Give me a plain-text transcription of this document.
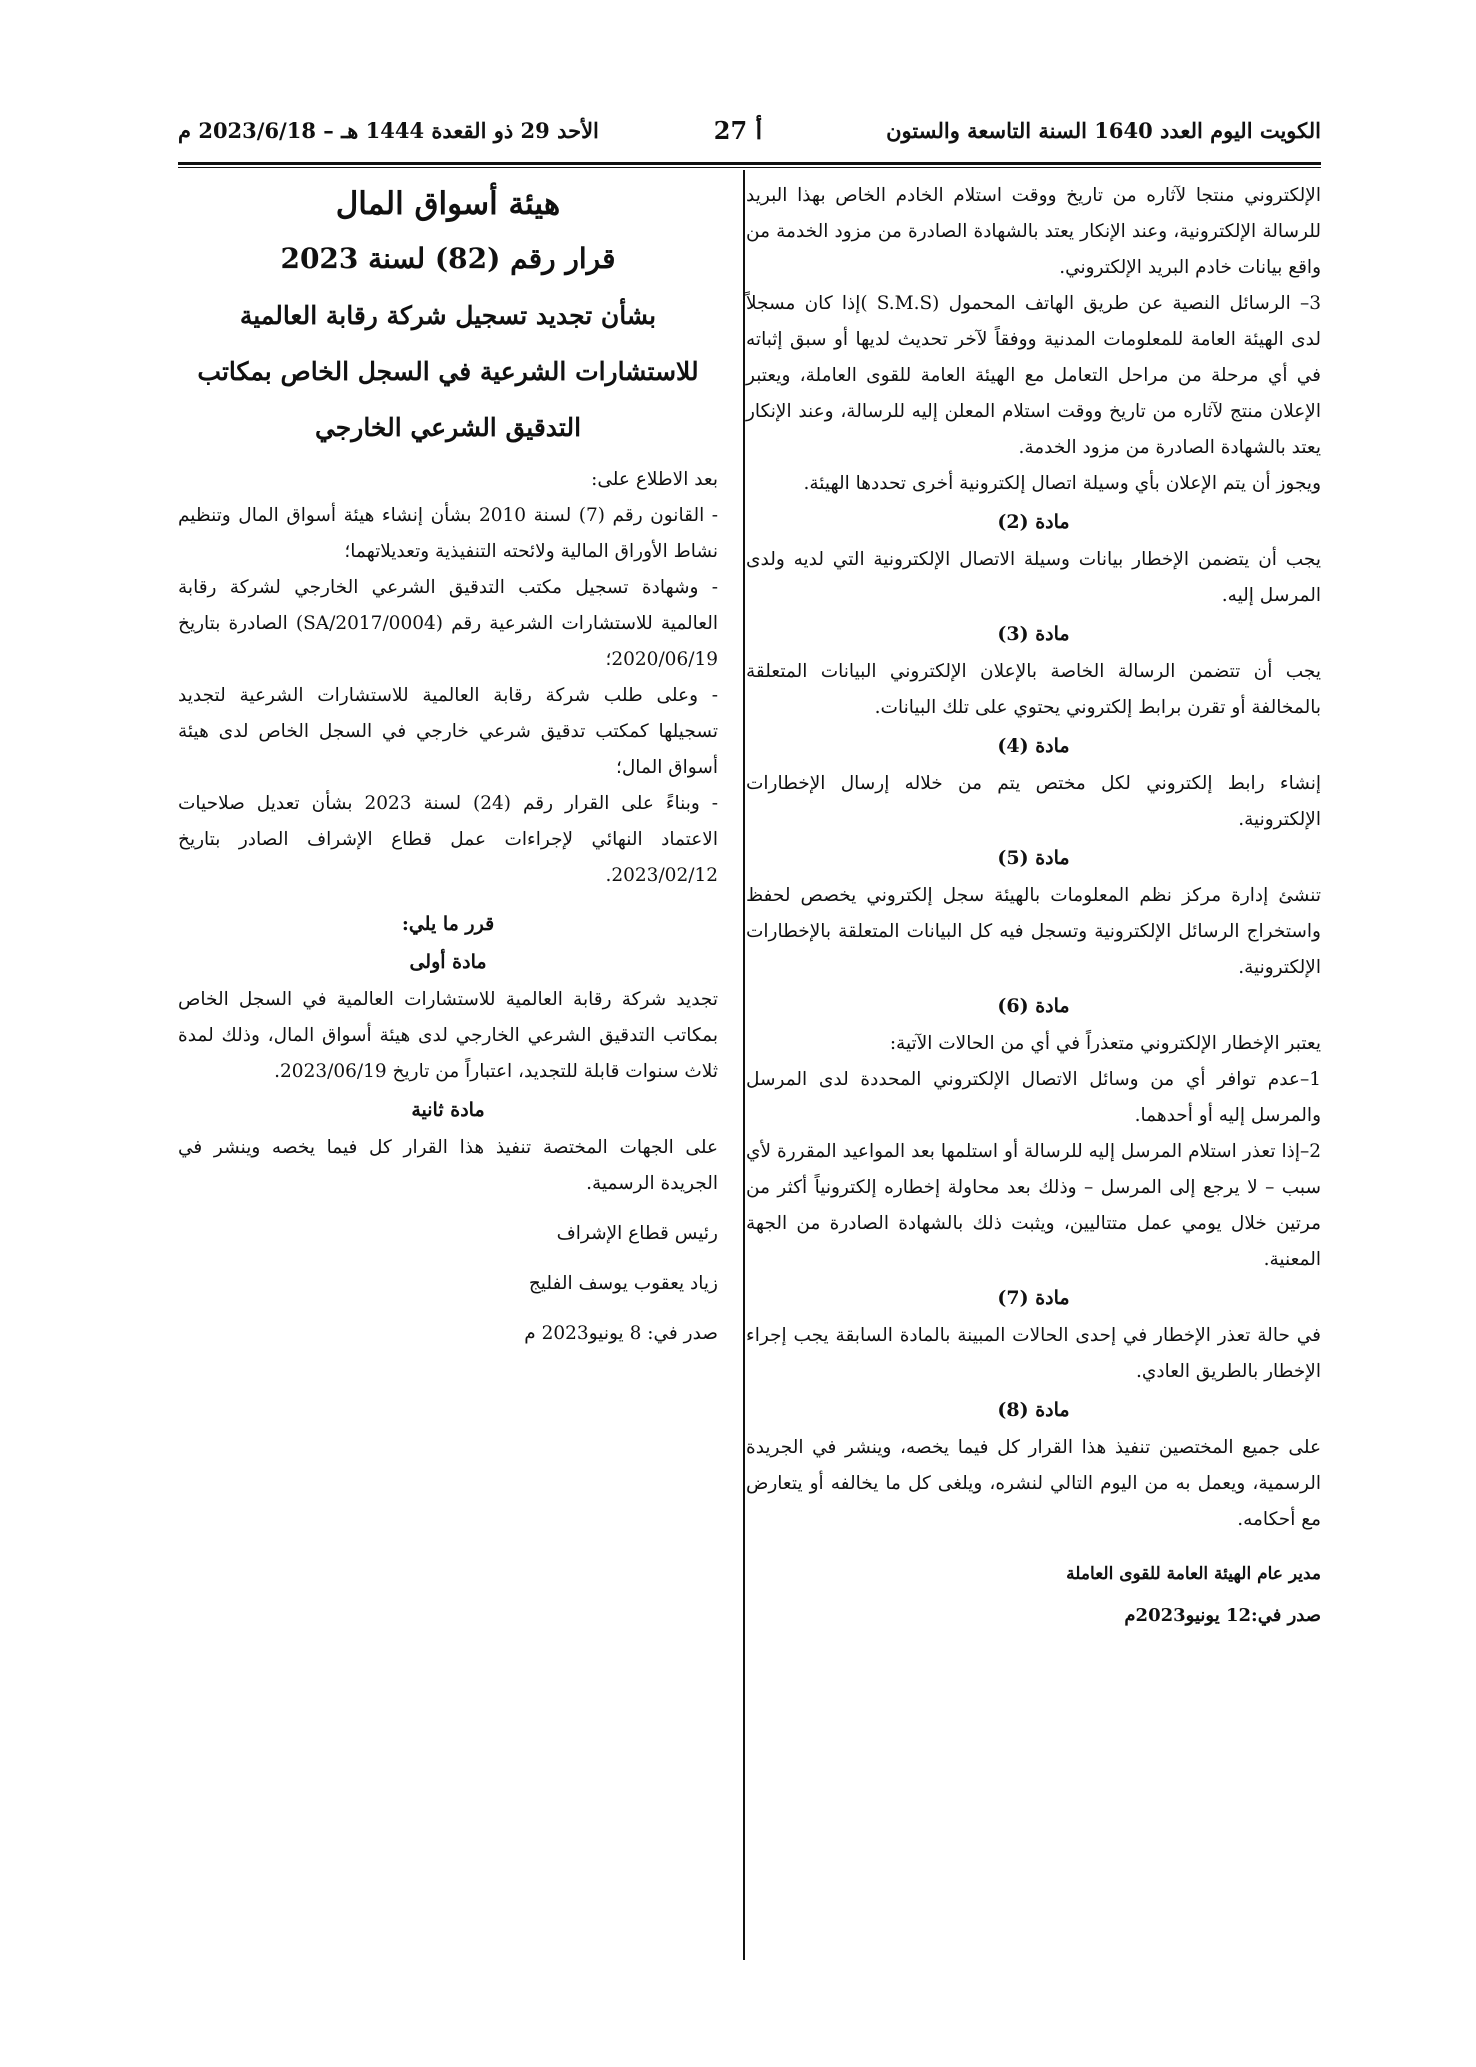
الكويت اليوم العدد 1640 السنة التاسعة والستون
أ 27
الأحد 29 ذو القعدة 1444 هـ – 2023/6/18 م

الإلكتروني منتجا لآثاره من تاريخ ووقت استلام الخادم الخاص بهذا البريد للرسالة الإلكترونية، وعند الإنكار يعتد بالشهادة الصادرة من مزود الخدمة من واقع بيانات خادم البريد الإلكتروني.

3– الرسائل النصية عن طريق الهاتف المحمول (S.M.S )إذا كان مسجلاً لدى الهيئة العامة للمعلومات المدنية ووفقاً لآخر تحديث لديها أو سبق إثباته في أي مرحلة من مراحل التعامل مع الهيئة العامة للقوى العاملة، ويعتبر الإعلان منتج لآثاره من تاريخ ووقت استلام المعلن إليه للرسالة، وعند الإنكار يعتد بالشهادة الصادرة من مزود الخدمة.

ويجوز أن يتم الإعلان بأي وسيلة اتصال إلكترونية أخرى تحددها الهيئة.

مادة (2)

يجب أن يتضمن الإخطار بيانات وسيلة الاتصال الإلكترونية التي لديه ولدى المرسل إليه.

مادة (3)

يجب أن تتضمن الرسالة الخاصة بالإعلان الإلكتروني البيانات المتعلقة بالمخالفة أو تقرن برابط إلكتروني يحتوي على تلك البيانات.

مادة (4)

إنشاء رابط إلكتروني لكل مختص يتم من خلاله إرسال الإخطارات الإلكترونية.

مادة (5)

تنشئ إدارة مركز نظم المعلومات بالهيئة سجل إلكتروني يخصص لحفظ واستخراج الرسائل الإلكترونية وتسجل فيه كل البيانات المتعلقة بالإخطارات الإلكترونية.

مادة (6)

يعتبر الإخطار الإلكتروني متعذراً في أي من الحالات الآتية:

1–عدم توافر أي من وسائل الاتصال الإلكتروني المحددة لدى المرسل والمرسل إليه أو أحدهما.

2–إذا تعذر استلام المرسل إليه للرسالة أو استلمها بعد المواعيد المقررة لأي سبب – لا يرجع إلى المرسل – وذلك بعد محاولة إخطاره إلكترونياً أكثر من مرتين خلال يومي عمل متتاليين، ويثبت ذلك بالشهادة الصادرة من الجهة المعنية.

مادة (7)

في حالة تعذر الإخطار في إحدى الحالات المبينة بالمادة السابقة يجب إجراء الإخطار بالطريق العادي.

مادة (8)

على جميع المختصين تنفيذ هذا القرار كل فيما يخصه، وينشر في الجريدة الرسمية، ويعمل به من اليوم التالي لنشره، ويلغى كل ما يخالفه أو يتعارض مع أحكامه.

مدير عام الهيئة العامة للقوى العاملة
صدر في:12 يونيو2023م
هيئة أسواق المال
قرار رقم (82) لسنة 2023
بشأن تجديد تسجيل شركة رقابة العالمية للاستشارات الشرعية في السجل الخاص بمكاتب التدقيق الشرعي الخارجي

بعد الاطلاع على:

- القانون رقم (7) لسنة 2010 بشأن إنشاء هيئة أسواق المال وتنظيم نشاط الأوراق المالية ولائحته التنفيذية وتعديلاتهما؛

- وشهادة تسجيل مكتب التدقيق الشرعي الخارجي لشركة رقابة العالمية للاستشارات الشرعية رقم (SA/2017/0004) الصادرة بتاريخ 2020/06/19؛

- وعلى طلب شركة رقابة العالمية للاستشارات الشرعية لتجديد تسجيلها كمكتب تدقيق شرعي خارجي في السجل الخاص لدى هيئة أسواق المال؛

- وبناءً على القرار رقم (24) لسنة 2023 بشأن تعديل صلاحيات الاعتماد النهائي لإجراءات عمل قطاع الإشراف الصادر بتاريخ 2023/02/12.

قرر ما يلي:
مادة أولى

تجديد شركة رقابة العالمية للاستشارات العالمية في السجل الخاص بمكاتب التدقيق الشرعي الخارجي لدى هيئة أسواق المال، وذلك لمدة ثلاث سنوات قابلة للتجديد، اعتباراً من تاريخ 2023/06/19.

مادة ثانية

على الجهات المختصة تنفيذ هذا القرار كل فيما يخصه وينشر في الجريدة الرسمية.

رئيس قطاع الإشراف

زياد يعقوب يوسف الفليج

صدر في: 8 يونيو2023 م
